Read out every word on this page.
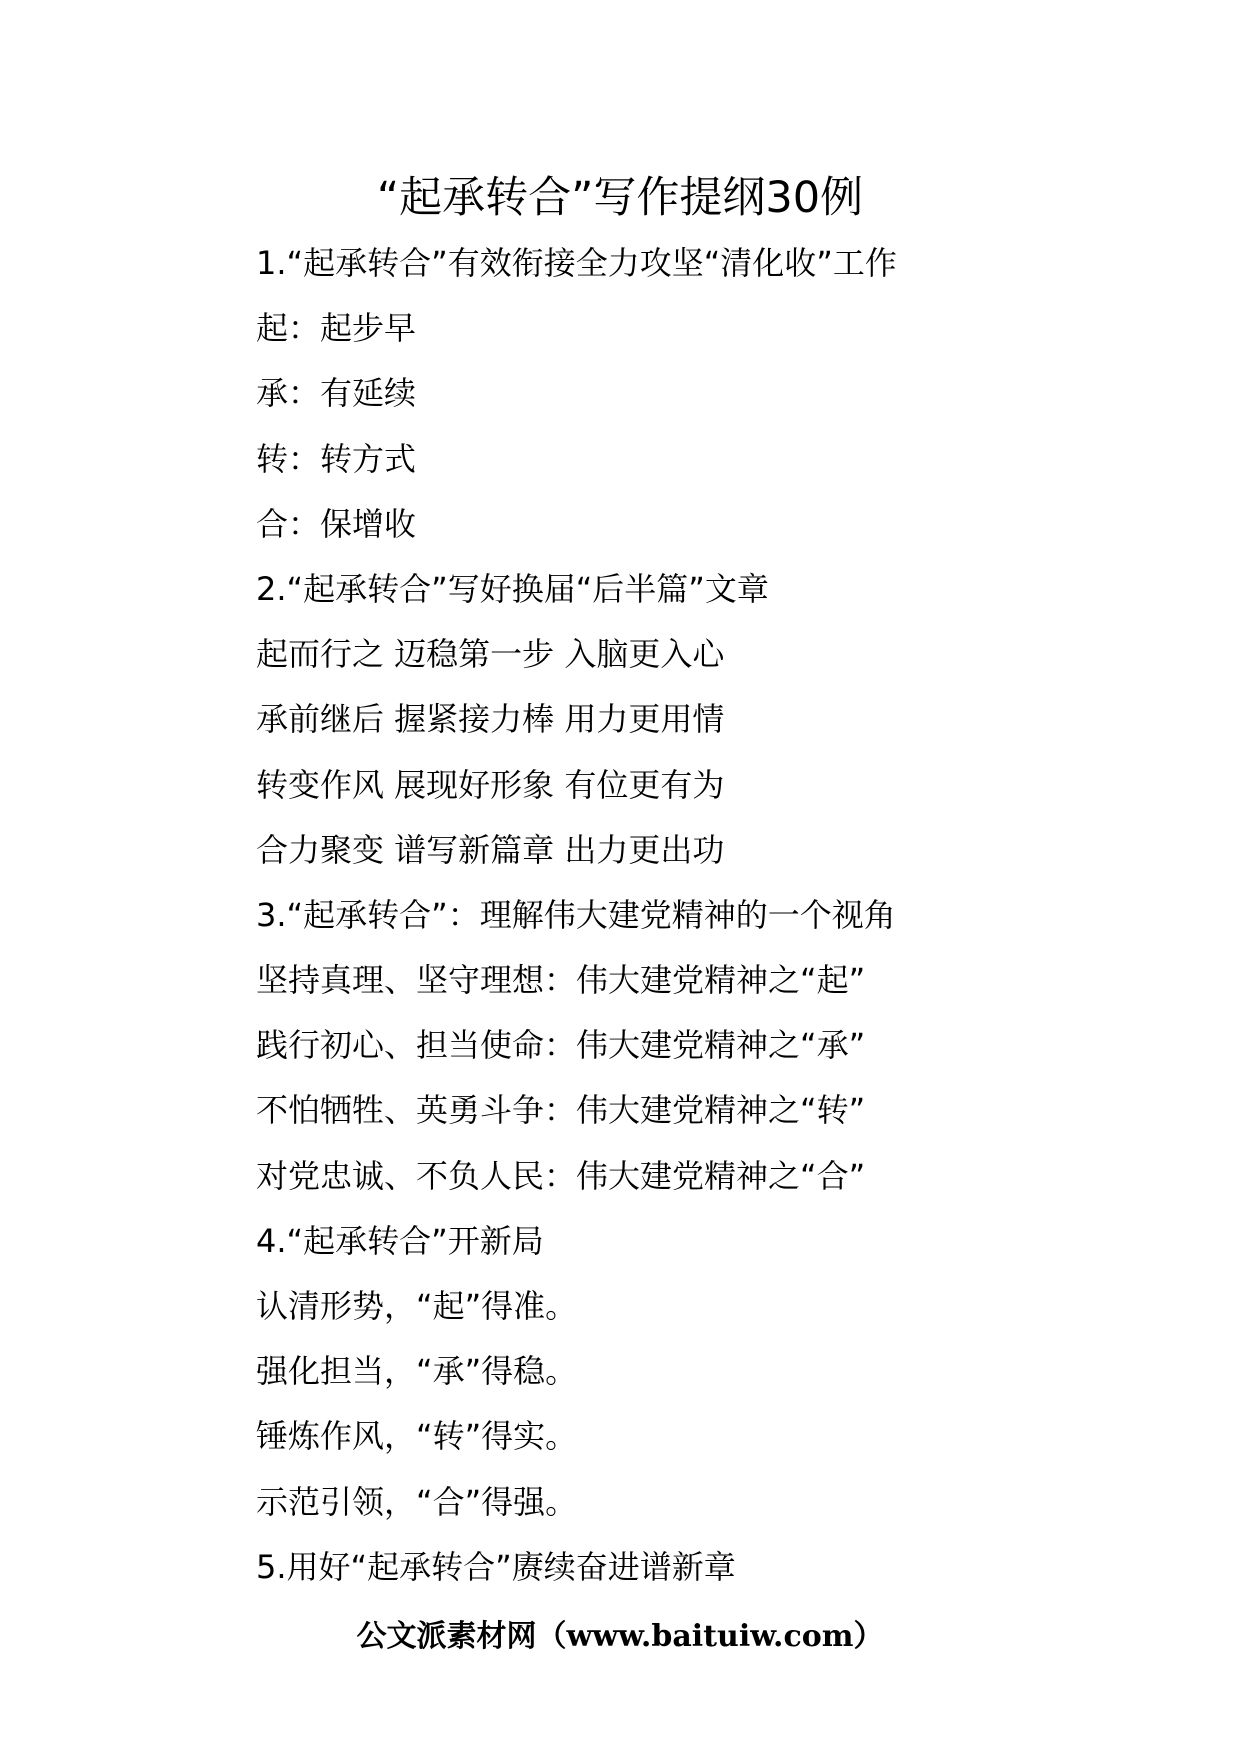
“起承转合”写作提纲30例
1.“起承转合”有效衔接全力攻坚“清化收”工作
起：起步早
承：有延续
转：转方式
合：保增收
2.“起承转合”写好换届“后半篇”文章
起而行之 迈稳第一步 入脑更入心
承前继后 握紧接力棒 用力更用情
转变作风 展现好形象 有位更有为
合力聚变 谱写新篇章 出力更出功
3.“起承转合”：理解伟大建党精神的一个视角
坚持真理、坚守理想：伟大建党精神之“起”
践行初心、担当使命：伟大建党精神之“承”
不怕牺牲、英勇斗争：伟大建党精神之“转”
对党忠诚、不负人民：伟大建党精神之“合”
4.“起承转合”开新局
认清形势，“起”得准。
强化担当，“承”得稳。
锤炼作风，“转”得实。
示范引领，“合”得强。
5.用好“起承转合”赓续奋进谱新章
公文派素材网（www.baituiw.com）
